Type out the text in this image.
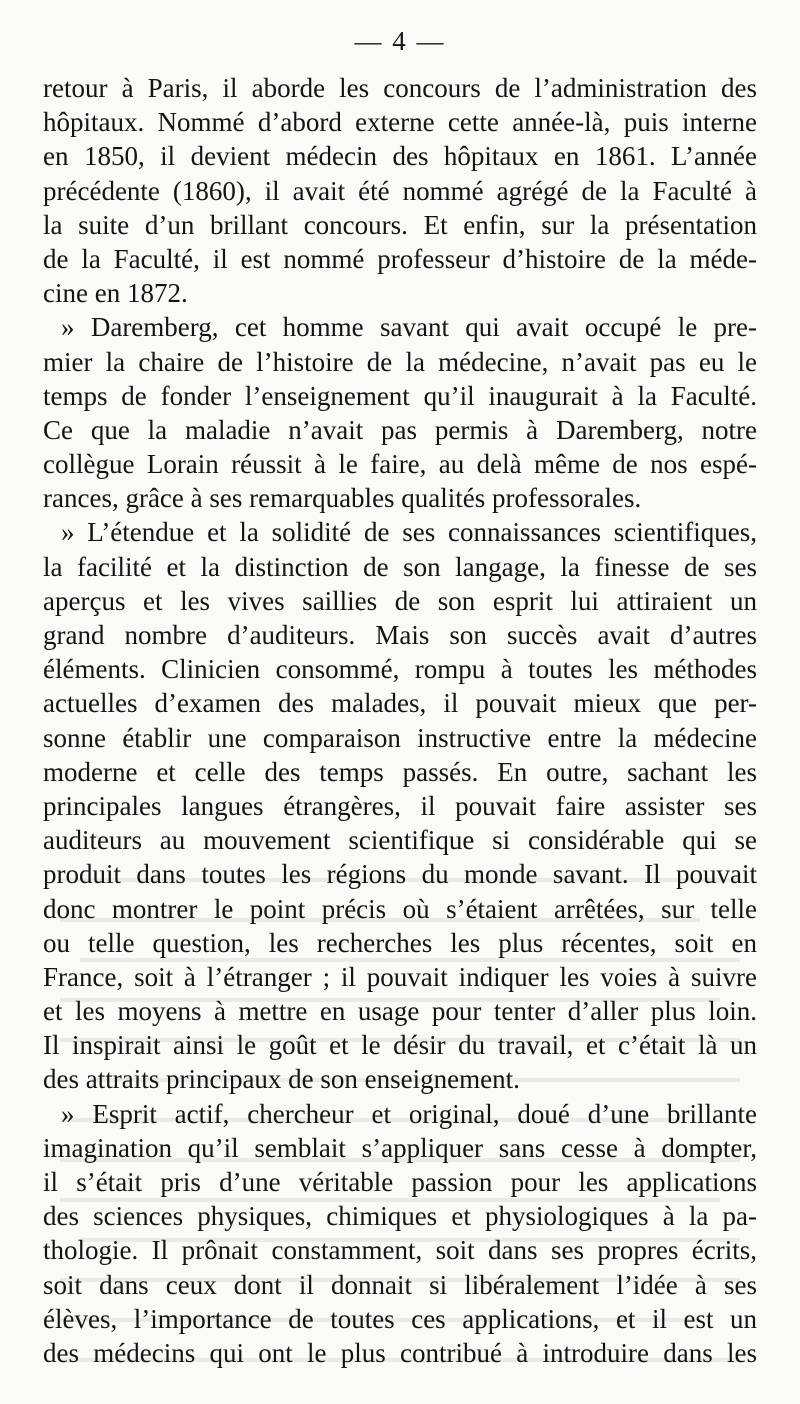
— 4 —
retour à Paris, il aborde les concours de l’administration des
hôpitaux. Nommé d’abord externe cette année-là, puis interne
en 1850, il devient médecin des hôpitaux en 1861. L’année
précédente (1860), il avait été nommé agrégé de la Faculté à
la suite d’un brillant concours. Et enfin, sur la présentation
de la Faculté, il est nommé professeur d’histoire de la méde-
cine en 1872.
» Daremberg, cet homme savant qui avait occupé le pre-
mier la chaire de l’histoire de la médecine, n’avait pas eu le
temps de fonder l’enseignement qu’il inaugurait à la Faculté.
Ce que la maladie n’avait pas permis à Daremberg, notre
collègue Lorain réussit à le faire, au delà même de nos espé-
rances, grâce à ses remarquables qualités professorales.
» L’étendue et la solidité de ses connaissances scientifiques,
la facilité et la distinction de son langage, la finesse de ses
aperçus et les vives saillies de son esprit lui attiraient un
grand nombre d’auditeurs. Mais son succès avait d’autres
éléments. Clinicien consommé, rompu à toutes les méthodes
actuelles d’examen des malades, il pouvait mieux que per-
sonne établir une comparaison instructive entre la médecine
moderne et celle des temps passés. En outre, sachant les
principales langues étrangères, il pouvait faire assister ses
auditeurs au mouvement scientifique si considérable qui se
produit dans toutes les régions du monde savant. Il pouvait
donc montrer le point précis où s’étaient arrêtées, sur telle
ou telle question, les recherches les plus récentes, soit en
France, soit à l’étranger ; il pouvait indiquer les voies à suivre
et les moyens à mettre en usage pour tenter d’aller plus loin.
Il inspirait ainsi le goût et le désir du travail, et c’était là un
des attraits principaux de son enseignement.
» Esprit actif, chercheur et original, doué d’une brillante
imagination qu’il semblait s’appliquer sans cesse à dompter,
il s’était pris d’une véritable passion pour les applications
des sciences physiques, chimiques et physiologiques à la pa-
thologie. Il prônait constamment, soit dans ses propres écrits,
soit dans ceux dont il donnait si libéralement l’idée à ses
élèves, l’importance de toutes ces applications, et il est un
des médecins qui ont le plus contribué à introduire dans les
